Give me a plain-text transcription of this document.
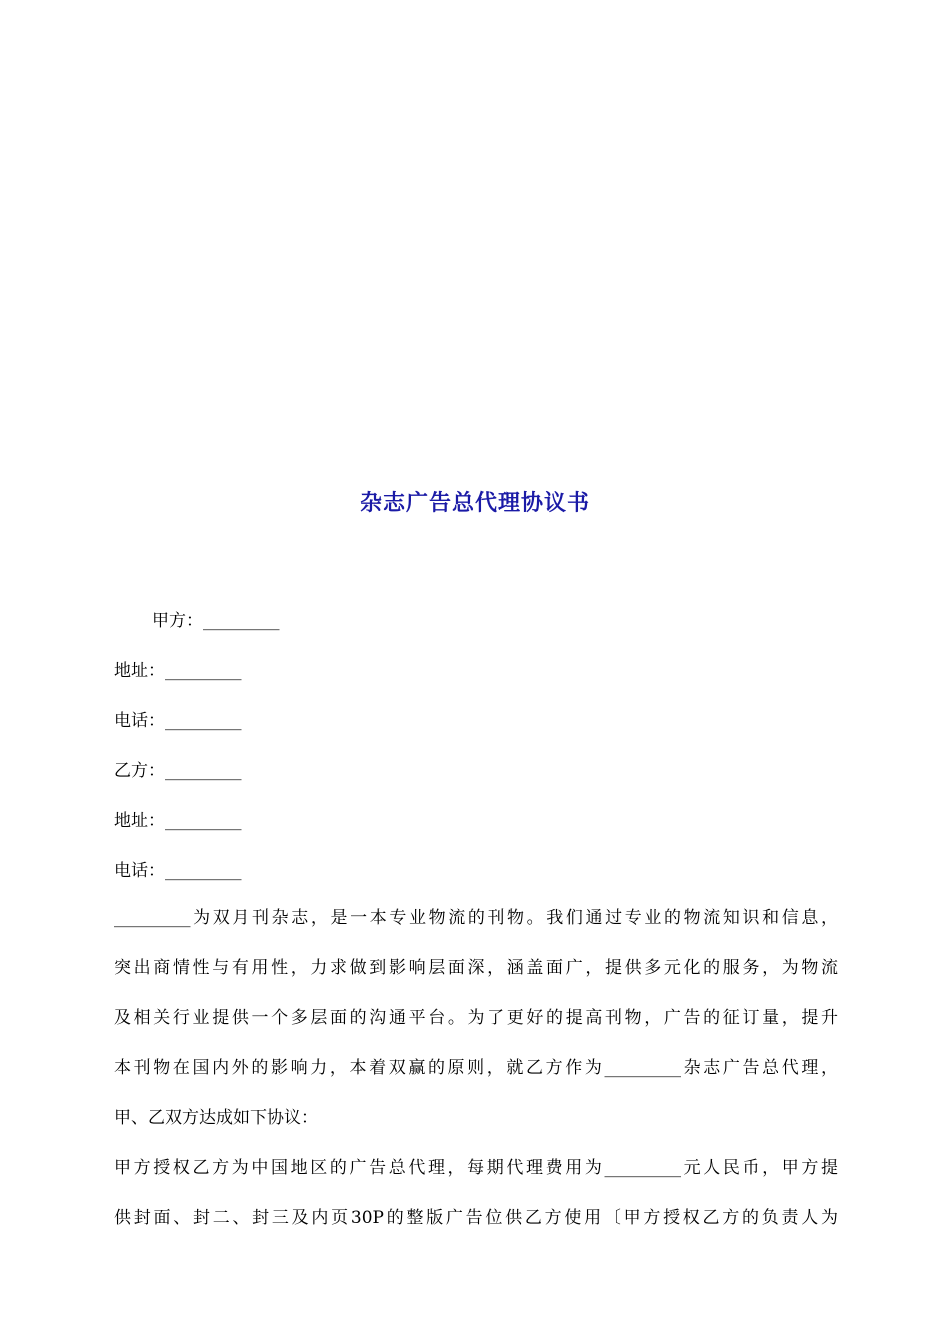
杂志广告总代理协议书
甲方：_________
地址：_________
电话：_________
乙方：_________
地址：_________
电话：_________
_________为双月刊杂志，是一本专业物流的刊物。我们通过专业的物流知识和信息，
突出商情性与有用性，力求做到影响层面深，涵盖面广，提供多元化的服务，为物流
及相关行业提供一个多层面的沟通平台。为了更好的提高刊物，广告的征订量，提升
本刊物在国内外的影响力，本着双赢的原则，就乙方作为_________杂志广告总代理，
甲、乙双方达成如下协议：
甲方授权乙方为中国地区的广告总代理，每期代理费用为_________元人民币，甲方提
供封面、封二、封三及内页30P的整版广告位供乙方使用〔甲方授权乙方的负责人为
